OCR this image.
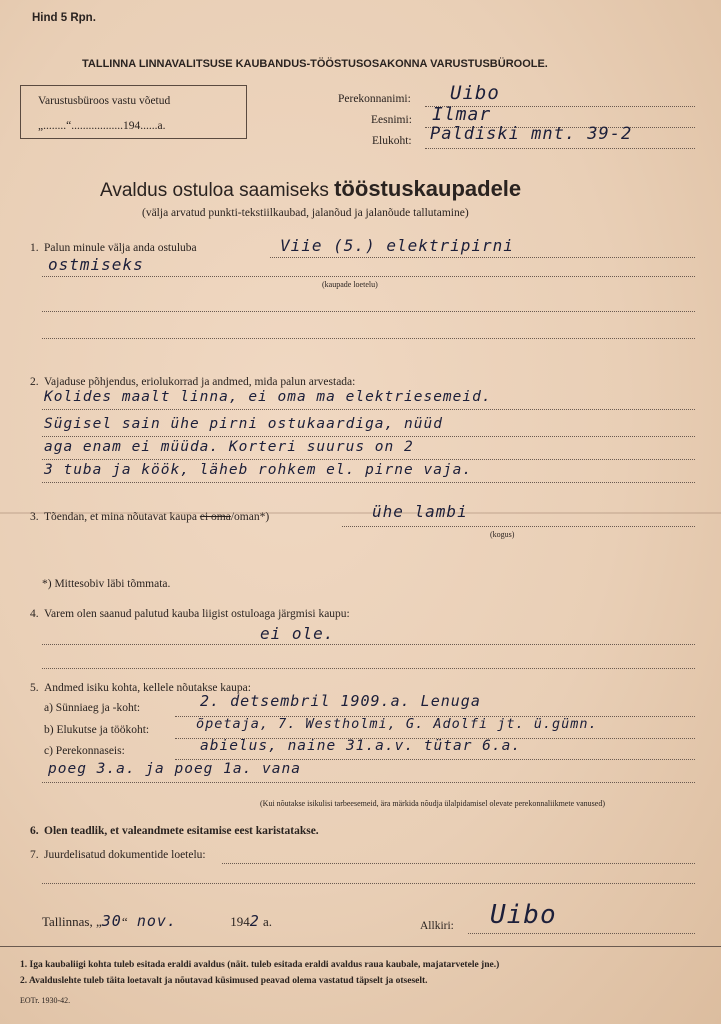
Hind 5 Rpn.
TALLINNA LINNAVALITSUSE KAUBANDUS-TÖÖSTUSOSAKONNA VARUSTUSBÜROOLE.
Varustusbüroos vastu võetud
„........“..................194......a.
Perekonnanimi: Uibo
Eesnimi: Ilmar
Elukoht: Paldiski mnt. 39-2
Avaldus ostuloa saamiseks tööstuskaupadele
(välja arvatud punkti-tekstiilkaubad, jalanõud ja jalanõude tallutamine)
1. Palun minule välja anda ostuluba	Viie (5.) elektripirni
ostmiseks
(kaupade loetelu)
2. Vajaduse põhjendus, eriolukorrad ja andmed, mida palun arvestada:
Kolides maalt linna, ei oma ma elektriesemeid.
Sügisel sain ühe pirni ostukaardiga, nüüd
aga enam ei müüda. Korteri suurus on 2
3 tuba ja köök, läheb rohkem el. pirne vaja.
3. Tõendan, et mina nõutavat kaupa ei oma/oman*)	ühe lambi
(kogus)
*) Mittesobiv läbi tõmmata.
4. Varem olen saanud palutud kauba liigist ostuloaga järgmisi kaupu:
ei ole.
5. Andmed isiku kohta, kellele nõutakse kaupa:
a) Sünniaeg ja -koht:	2. detsembril 1909.a. Lenuga
b) Elukutse ja töökoht:	õpetaja, 7. Westholmi, G. Adolfi jt. ü.gümn.
c) Perekonnaseis:	abielus, naine 31.a.v. tütar 6.a.
poeg 3.a. ja poeg 1a. vana
(Kui nõutakse isikulisi tarbeesemeid, ära märkida nõudja ülalpidamisel olevate perekonnaliikmete vanused)
6. Olen teadlik, et valeandmete esitamise eest karistatakse.
7. Juurdelisatud dokumentide loetelu:
Tallinnas, „30“ nov.	1942 a.	Allkiri: Uibo
1. Iga kaubaliigi kohta tuleb esitada eraldi avaldus (näit. tuleb esitada eraldi avaldus raua kaubale, majatarvetele jne.)
2. Avalduslehte tuleb täita loetavalt ja nõutavad küsimused peavad olema vastatud täpselt ja otseselt.
EOTr. 1930-42.
